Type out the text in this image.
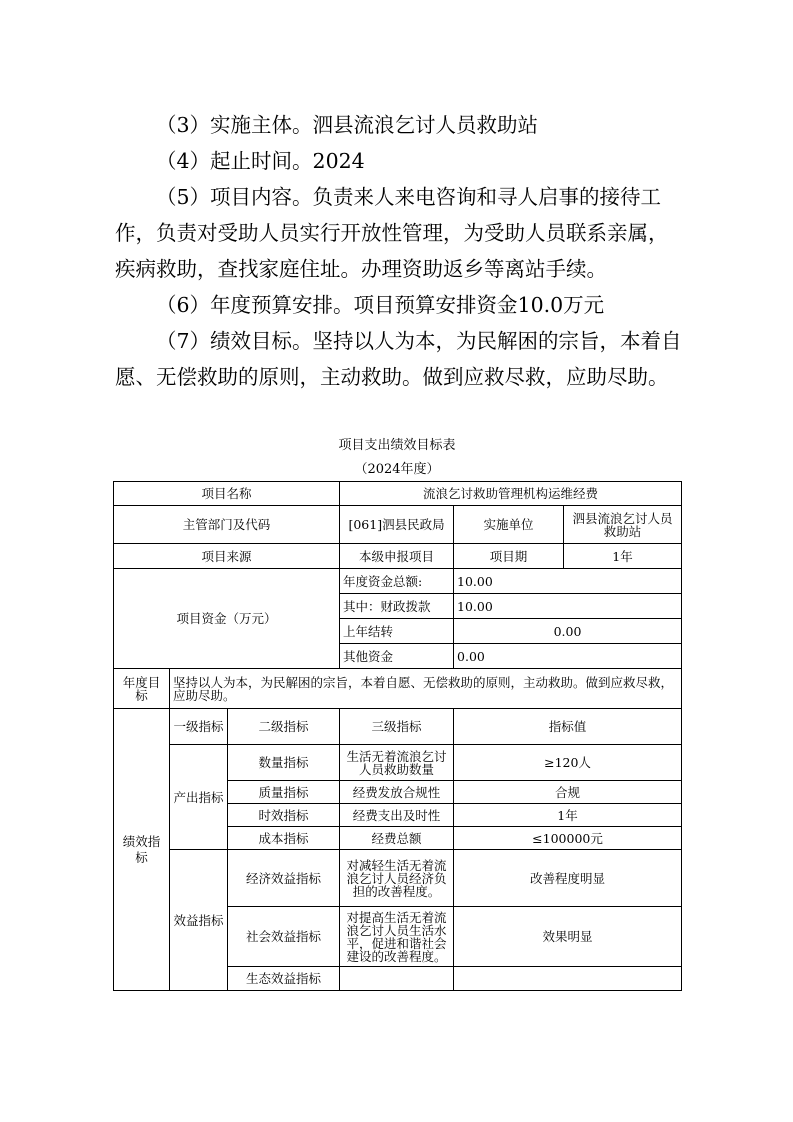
（3）实施主体。泗县流浪乞讨人员救助站

（4）起止时间。2024

（5）项目内容。负责来人来电咨询和寻人启事的接待工作，负责对受助人员实行开放性管理，为受助人员联系亲属，疾病救助，查找家庭住址。办理资助返乡等离站手续。

（6）年度预算安排。项目预算安排资金10.0万元

（7）绩效目标。坚持以人为本，为民解困的宗旨，本着自愿、无偿救助的原则，主动救助。做到应救尽救，应助尽助。

项目支出绩效目标表

（2024年度）

项目名称			流浪乞讨救助管理机构运维经费		
主管部门及代码			[061]泗县民政局	实施单位	泗县流浪乞讨人员救助站
项目来源			本级申报项目	项目期	1年
项目资金（万元）			年度资金总额:	10.00	
			其中：财政拨款	10.00	
			上年结转	0.00	
			其他资金	0.00	
年度目标	坚持以人为本，为民解困的宗旨，本着自愿、无偿救助的原则，主动救助。做到应救尽救，应助尽助。				
绩效指标	一级指标	二级指标	三级指标	指标值	
	产出指标	数量指标	生活无着流浪乞讨人员救助数量	≥120人	
		质量指标	经费发放合规性	合规	
		时效指标	经费支出及时性	1年	
		成本指标	经费总额	≤100000元	
	效益指标	经济效益指标	对减轻生活无着流浪乞讨人员经济负担的改善程度。	改善程度明显	
		社会效益指标	对提高生活无着流浪乞讨人员生活水平，促进和谐社会建设的改善程度。	效果明显	
		生态效益指标			
